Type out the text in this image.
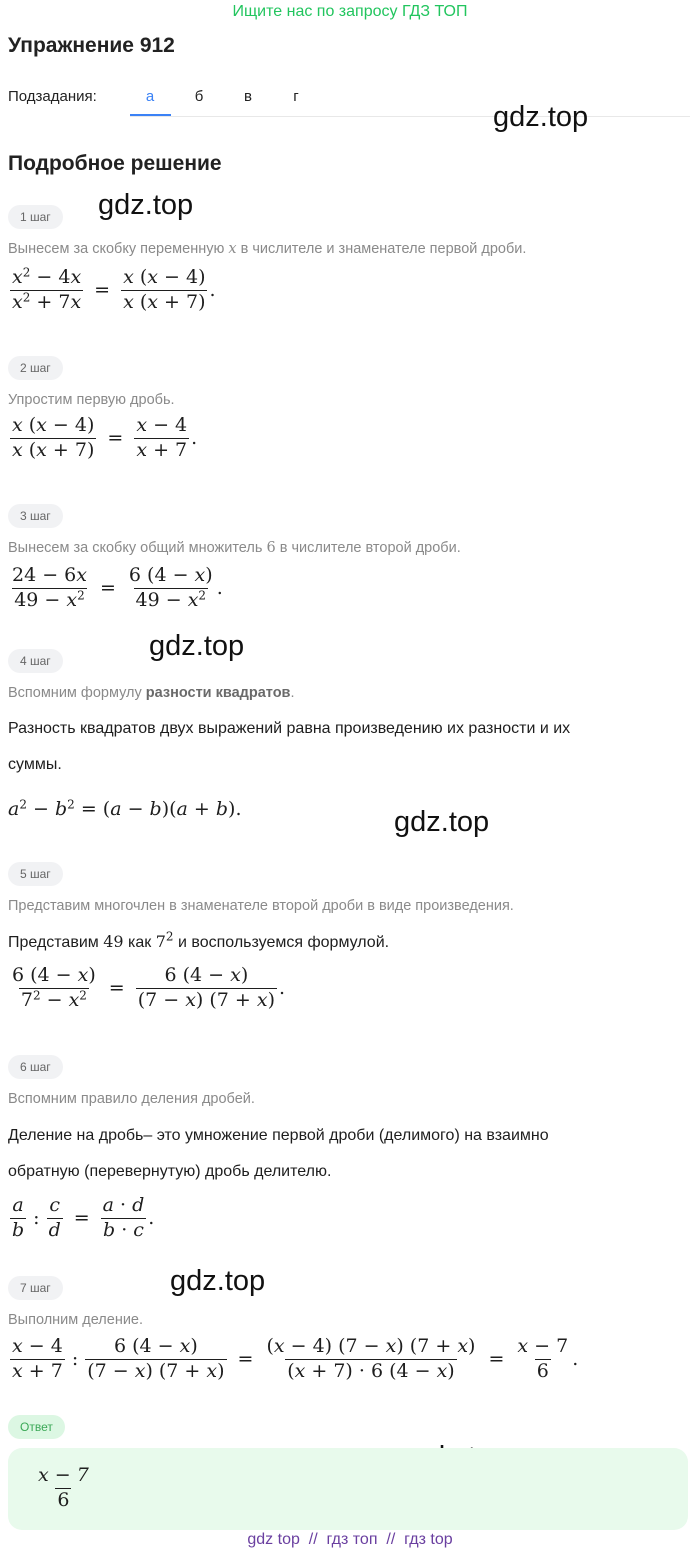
Ищите нас по запросу ГДЗ ТОП
Упражнение 912
Подзадания:	а	б	в	г
gdz.top
gdz.top
gdz.top
gdz.top
gdz.top
Подробное решение
1 шаг
Вынесем за скобку переменную x в числителе и знаменателе первой дроби.
$\frac{x^2 - 4x}{x^2 + 7x} = \frac{x (x - 4)}{x (x + 7)}$ .
2 шаг
Упростим первую дробь.
$\frac{x (x - 4)}{x (x + 7)} = \frac{x - 4}{x + 7}$ .
3 шаг
Вынесем за скобку общий множитель 6 в числителе второй дроби.
$\frac{24 - 6x}{49 - x^2} = \frac{6 (4 - x)}{49 - x^2}$ .
4 шаг
Вспомним формулу разности квадратов.
Разность квадратов двух выражений равна произведению их разности и их
суммы.
$a^2 - b^2 = (a - b)(a + b)$.
5 шаг
Представим многочлен в знаменателе второй дроби в виде произведения.
Представим 49 как $7^2$ и воспользуемся формулой.
$\frac{6 (4 - x)}{7^2 - x^2} = \frac{6 (4 - x)}{(7 - x) (7 + x)}$ .
6 шаг
Вспомним правило деления дробей.
Деление на дробь– это умножение первой дроби (делимого) на взаимно
обратную (перевернутую) дробь делителю.
$\frac{a}{b}$ : $\frac{c}{d} = \frac{a \cdot d}{b \cdot c}$ .
7 шаг
Выполним деление.
$\frac{x - 4}{x + 7}$ : $\frac{6 (4 - x)}{(7 - x) (7 + x)} = \frac{(x - 4) (7 - x) (7 + x)}{(x + 7) \cdot 6 (4 - x)} = \frac{x - 7}{6}$ .
Ответ
$\frac{x - 7}{6}$
gdz top  //  гдз топ  //  гдз top
